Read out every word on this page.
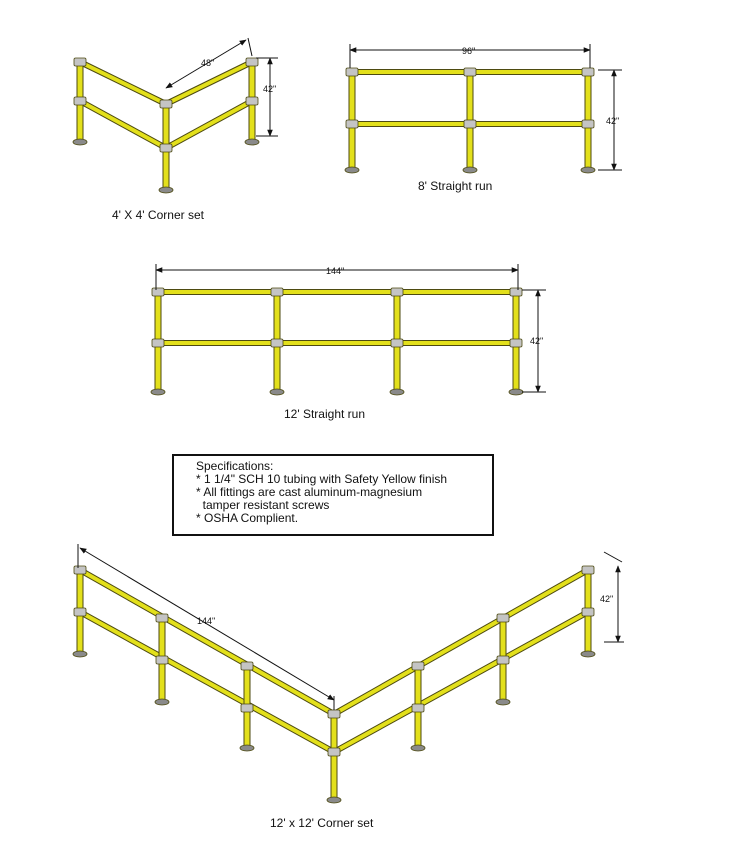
48"
42"
96"
42"
144"
42"
144"
42"
4' X 4' Corner set
8' Straight run
12' Straight run
12' x 12' Corner set
Specifications:
* 1 1/4" SCH 10 tubing with Safety Yellow finish
* All fittings are cast aluminum-magnesium
tamper resistant screws
* OSHA Complient.
